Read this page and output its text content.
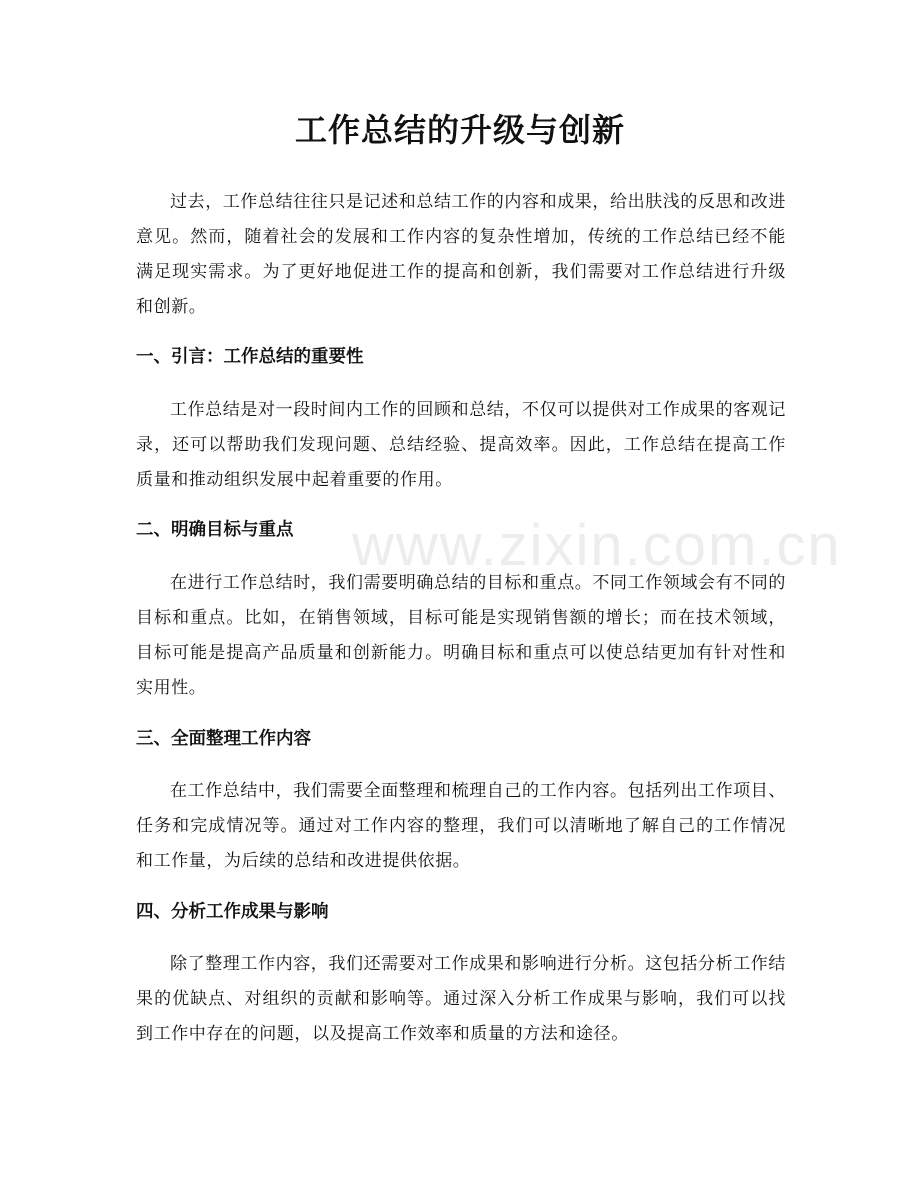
工作总结的升级与创新

过去，工作总结往往只是记述和总结工作的内容和成果，给出肤浅的反思和改进意见。然而，随着社会的发展和工作内容的复杂性增加，传统的工作总结已经不能满足现实需求。为了更好地促进工作的提高和创新，我们需要对工作总结进行升级和创新。

一、引言：工作总结的重要性

工作总结是对一段时间内工作的回顾和总结，不仅可以提供对工作成果的客观记录，还可以帮助我们发现问题、总结经验、提高效率。因此，工作总结在提高工作质量和推动组织发展中起着重要的作用。

二、明确目标与重点

在进行工作总结时，我们需要明确总结的目标和重点。不同工作领域会有不同的目标和重点。比如，在销售领域，目标可能是实现销售额的增长；而在技术领域，目标可能是提高产品质量和创新能力。明确目标和重点可以使总结更加有针对性和实用性。

三、全面整理工作内容

在工作总结中，我们需要全面整理和梳理自己的工作内容。包括列出工作项目、任务和完成情况等。通过对工作内容的整理，我们可以清晰地了解自己的工作情况和工作量，为后续的总结和改进提供依据。

四、分析工作成果与影响

除了整理工作内容，我们还需要对工作成果和影响进行分析。这包括分析工作结果的优缺点、对组织的贡献和影响等。通过深入分析工作成果与影响，我们可以找到工作中存在的问题，以及提高工作效率和质量的方法和途径。

www.zixin.com.cn
